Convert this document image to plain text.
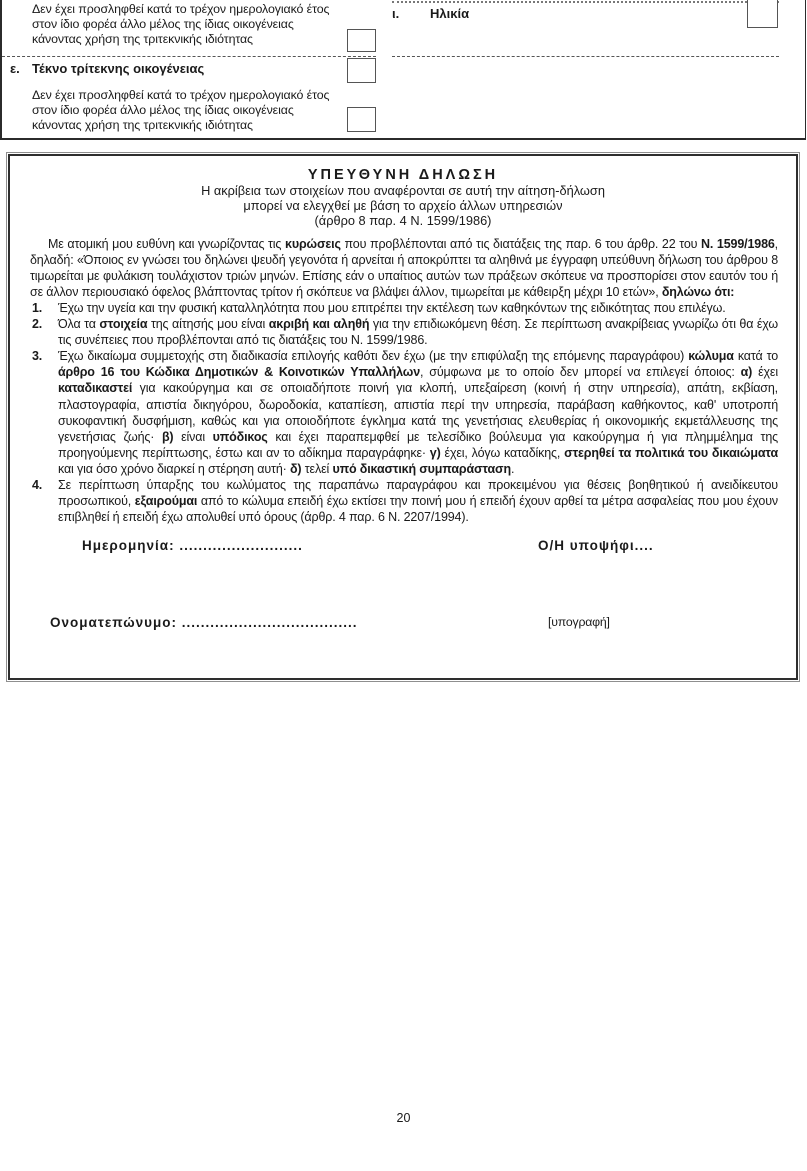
Δεν έχει προσληφθεί κατά το τρέχον ημερολογιακό έτος στον ίδιο φορέα άλλο μέλος της ίδιας οικογένειας κάνοντας χρήση της τριτεκνικής ιδιότητας
ε. Τέκνο τρίτεκνης οικογένειας
Δεν έχει προσληφθεί κατά το τρέχον ημερολογιακό έτος στον ίδιο φορέα άλλο μέλος της ίδιας οικογένειας κάνοντας χρήση της τριτεκνικής ιδιότητας
ι. Ηλικία
ΥΠΕΥΘΥΝΗ ΔΗΛΩΣΗ
Η ακρίβεια των στοιχείων που αναφέρονται σε αυτή την αίτηση-δήλωση
μπορεί να ελεγχθεί με βάση το αρχείο άλλων υπηρεσιών
(άρθρο 8 παρ. 4 Ν. 1599/1986)
Με ατομική μου ευθύνη και γνωρίζοντας τις κυρώσεις που προβλέπονται από τις διατάξεις της παρ. 6 του άρθρ. 22 του Ν. 1599/1986, δηλαδή: «Όποιος εν γνώσει του δηλώνει ψευδή γεγονότα ή αρνείται ή αποκρύπτει τα αληθινά με έγγραφη υπεύθυνη δήλωση του άρθρου 8 τιμωρείται με φυλάκιση τουλάχιστον τριών μηνών. Επίσης εάν ο υπαίτιος αυτών των πράξεων σκόπευε να προσπορίσει στον εαυτόν του ή σε άλλον περιουσιακό όφελος βλάπτοντας τρίτον ή σκόπευε να βλάψει άλλον, τιμωρείται με κάθειρξη μέχρι 10 ετών», δηλώνω ότι:
1. Έχω την υγεία και την φυσική καταλληλότητα που μου επιτρέπει την εκτέλεση των καθηκόντων της ειδικότητας που επιλέγω.
2. Όλα τα στοιχεία της αίτησής μου είναι ακριβή και αληθή για την επιδιωκόμενη θέση. Σε περίπτωση ανακρίβειας γνωρίζω ότι θα έχω τις συνέπειες που προβλέπονται από τις διατάξεις του Ν. 1599/1986.
3. Έχω δικαίωμα συμμετοχής στη διαδικασία επιλογής καθότι δεν έχω (με την επιφύλαξη της επόμενης παραγράφου) κώλυμα κατά το άρθρο 16 του Κώδικα Δημοτικών & Κοινοτικών Υπαλλήλων, σύμφωνα με το οποίο δεν μπορεί να επιλεγεί όποιος: α) έχει καταδικαστεί για κακούργημα και σε οποιαδήποτε ποινή για κλοπή, υπεξαίρεση (κοινή ή στην υπηρεσία), απάτη, εκβίαση, πλαστογραφία, απιστία δικηγόρου, δωροδοκία, καταπίεση, απιστία περί την υπηρεσία, παράβαση καθήκοντος, καθ' υποτροπή συκοφαντική δυσφήμιση, καθώς και για οποιοδήποτε έγκλημα κατά της γενετήσιας ελευθερίας ή οικονομικής εκμετάλλευσης της γενετήσιας ζωής· β) είναι υπόδικος και έχει παραπεμφθεί με τελεσίδικο βούλευμα για κακούργημα ή για πλημμέλημα της προηγούμενης περίπτωσης, έστω και αν το αδίκημα παραγράφηκε· γ) έχει, λόγω καταδίκης, στερηθεί τα πολιτικά του δικαιώματα και για όσο χρόνο διαρκεί η στέρηση αυτή· δ) τελεί υπό δικαστική συμπαράσταση.
4. Σε περίπτωση ύπαρξης του κωλύματος της παραπάνω παραγράφου και προκειμένου για θέσεις βοηθητικού ή ανειδίκευτου προσωπικού, εξαιρούμαι από το κώλυμα επειδή έχω εκτίσει την ποινή μου ή επειδή έχουν αρθεί τα μέτρα ασφαλείας που μου έχουν επιβληθεί ή επειδή έχω απολυθεί υπό όρους (άρθρ. 4 παρ. 6 Ν. 2207/1994).
Ημερομηνία: ..........................	Ο/Η υποψήφι....
Ονοματεπώνυμο: .....................................	[υπογραφή]
20
